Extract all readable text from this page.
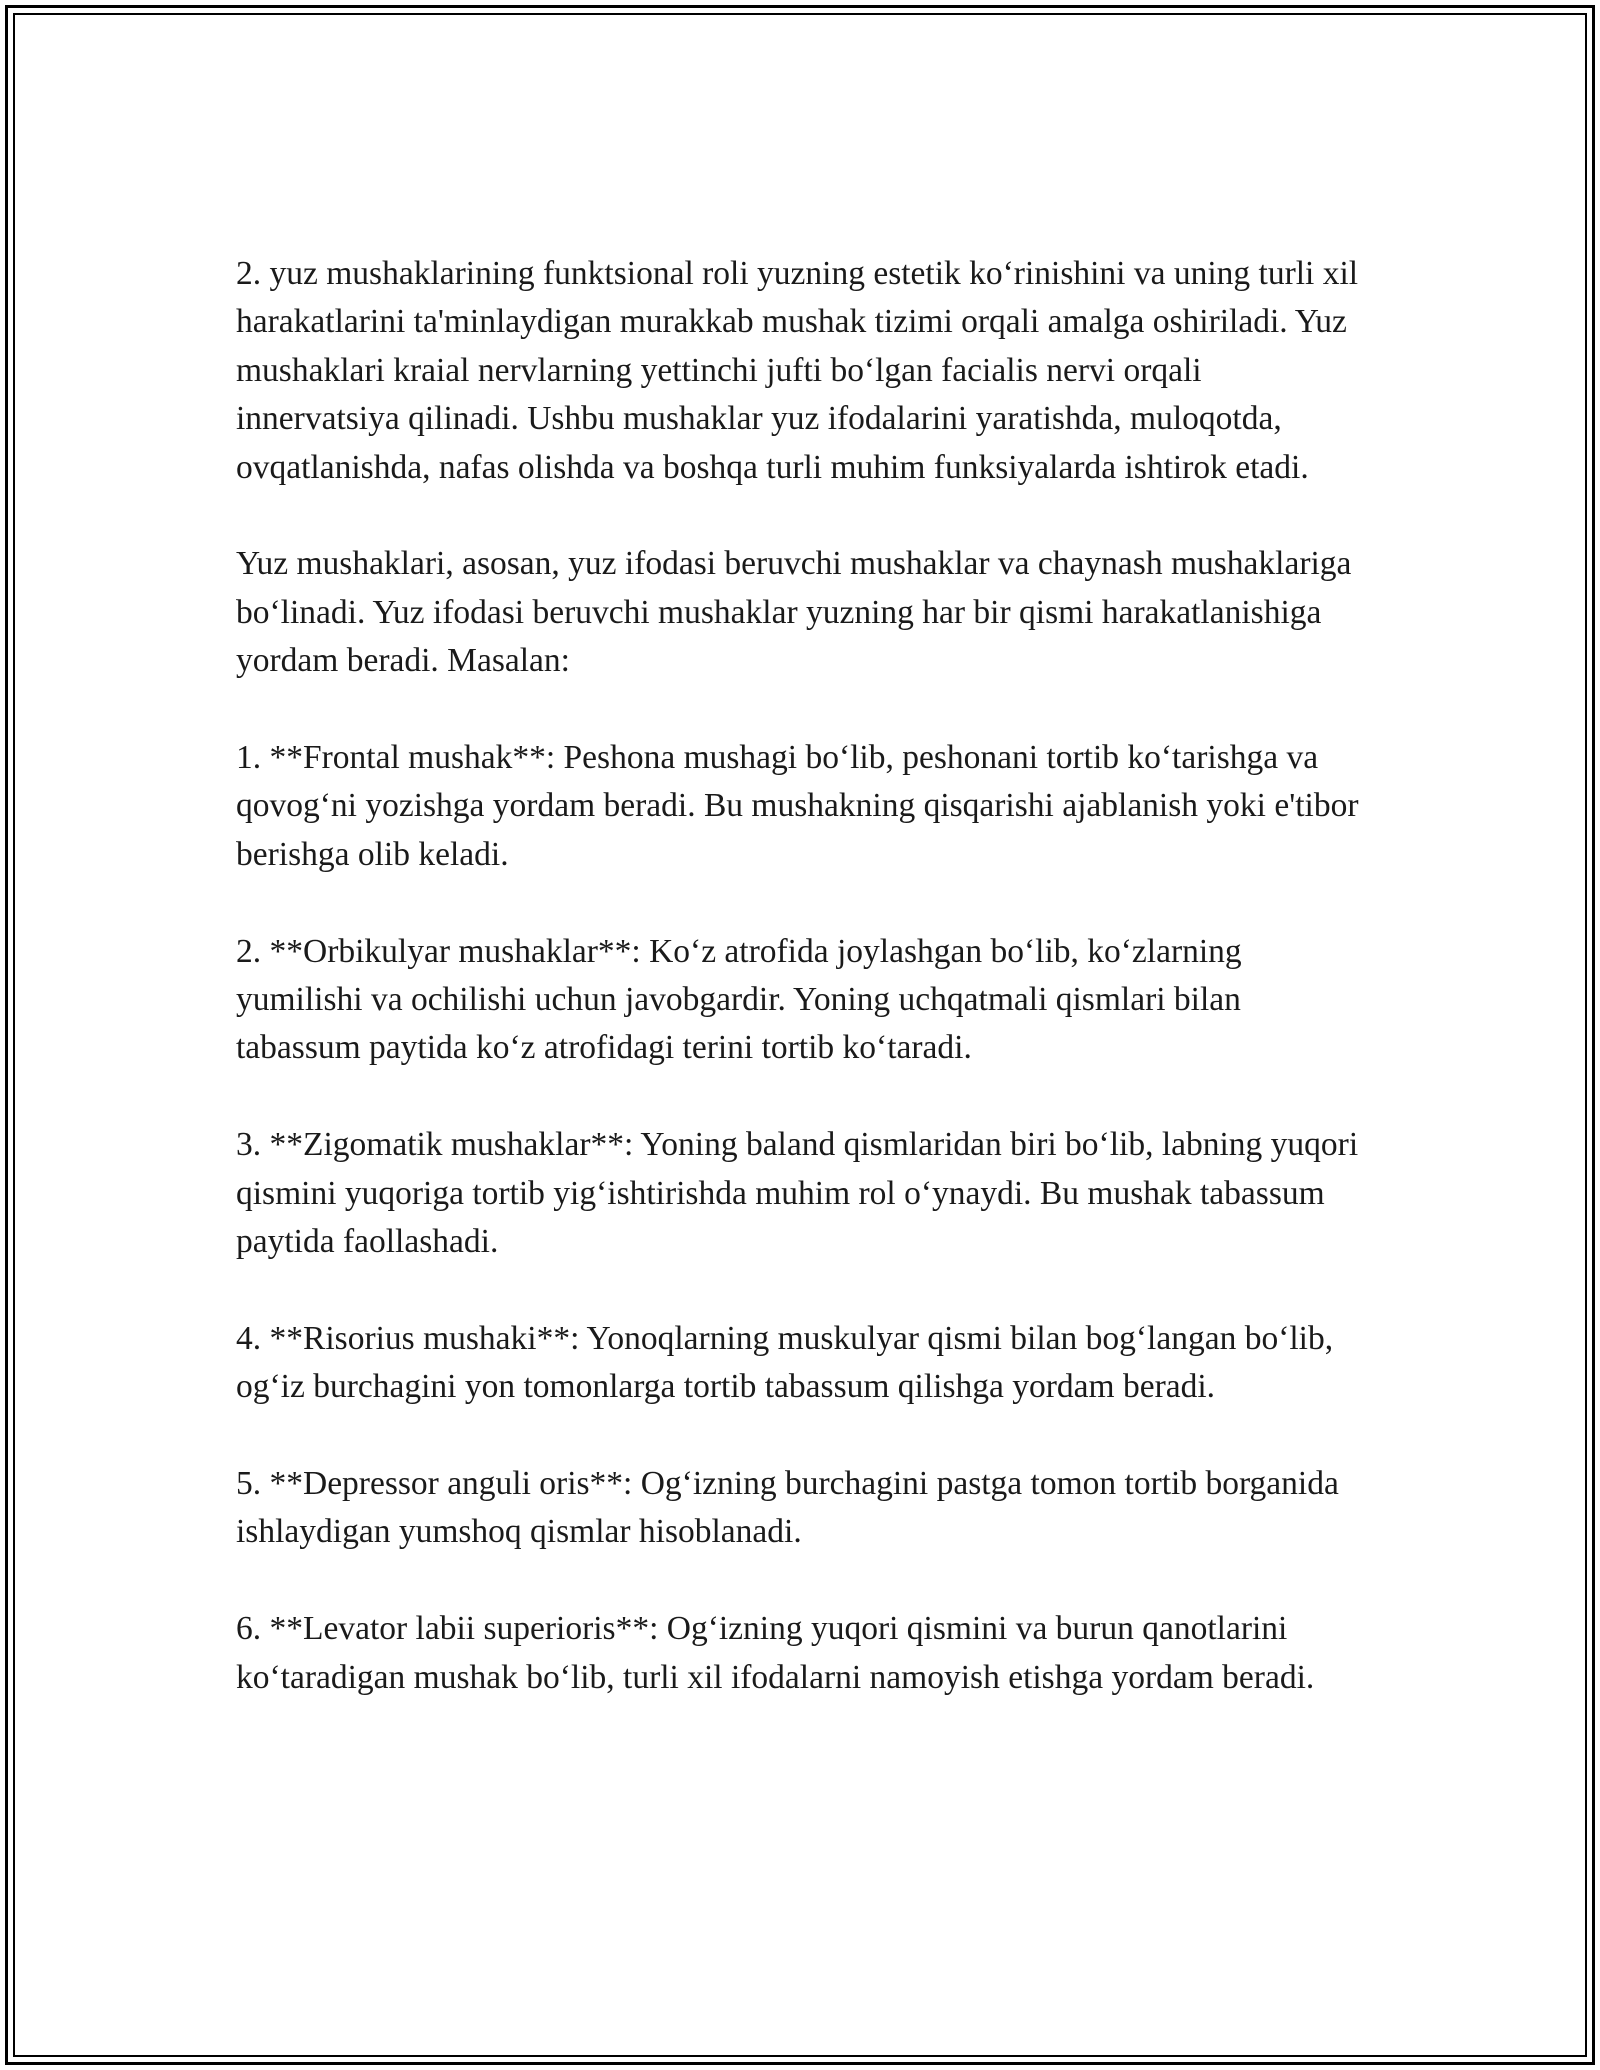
2. yuz mushaklarining funktsional roli yuzning estetik ko‘rinishini va uning turli xil harakatlarini ta'minlaydigan murakkab mushak tizimi orqali amalga oshiriladi. Yuz mushaklari kraial nervlarning yettinchi jufti bo‘lgan facialis nervi orqali innervatsiya qilinadi. Ushbu mushaklar yuz ifodalarini yaratishda, muloqotda, ovqatlanishda, nafas olishda va boshqa turli muhim funksiyalarda ishtirok etadi.

Yuz mushaklari, asosan, yuz ifodasi beruvchi mushaklar va chaynash mushaklariga bo‘linadi. Yuz ifodasi beruvchi mushaklar yuzning har bir qismi harakatlanishiga yordam beradi. Masalan:

1. **Frontal mushak**: Peshona mushagi bo‘lib, peshonani tortib ko‘tarishga va qovog‘ni yozishga yordam beradi. Bu mushakning qisqarishi ajablanish yoki e'tibor berishga olib keladi.

2. **Orbikulyar mushaklar**: Ko‘z atrofida joylashgan bo‘lib, ko‘zlarning yumilishi va ochilishi uchun javobgardir. Yoning uchqatmali qismlari bilan tabassum paytida ko‘z atrofidagi terini tortib ko‘taradi.

3. **Zigomatik mushaklar**: Yoning baland qismlaridan biri bo‘lib, labning yuqori qismini yuqoriga tortib yig‘ishtirishda muhim rol o‘ynaydi. Bu mushak tabassum paytida faollashadi.

4. **Risorius mushaki**: Yonoqlarning muskulyar qismi bilan bog‘langan bo‘lib, og‘iz burchagini yon tomonlarga tortib tabassum qilishga yordam beradi.

5. **Depressor anguli oris**: Og‘izning burchagini pastga tomon tortib borganida ishlaydigan yumshoq qismlar hisoblanadi.

6. **Levator labii superioris**: Og‘izning yuqori qismini va burun qanotlarini ko‘taradigan mushak bo‘lib, turli xil ifodalarni namoyish etishga yordam beradi.
